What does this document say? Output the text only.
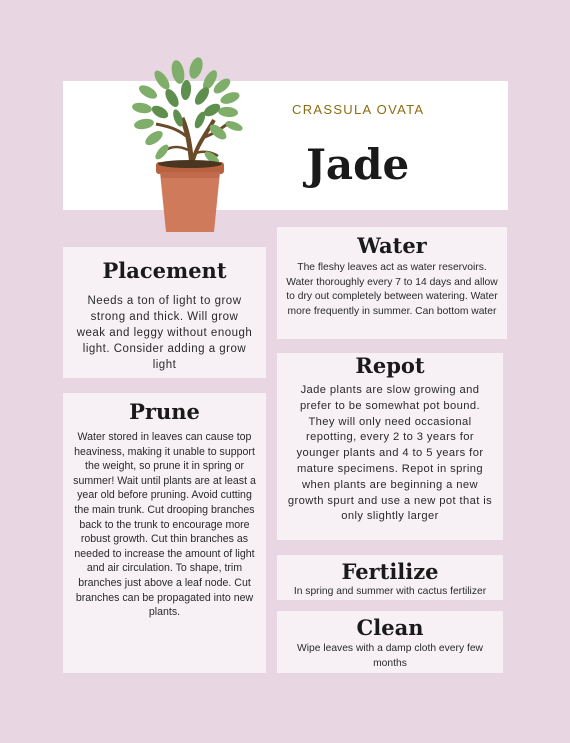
CRASSULA OVATA
Jade
Placement

Needs a ton of light to grow strong and thick. Will grow weak and leggy without enough light. Consider adding a grow light

Prune

Water stored in leaves can cause top heaviness, making it unable to support the weight, so prune it in spring or summer! Wait until plants are at least a year old before pruning. Avoid cutting the main trunk. Cut drooping branches back to the trunk to encourage more robust growth. Cut thin branches as needed to increase the amount of light and air circulation. To shape, trim branches just above a leaf node. Cut branches can be propagated into new plants.

Water

The fleshy leaves act as water reservoirs. Water thoroughly every 7 to 14 days and allow to dry out completely between watering. Water more frequently in summer. Can bottom water

Repot

Jade plants are slow growing and prefer to be somewhat pot bound. They will only need occasional repotting, every 2 to 3 years for younger plants and 4 to 5 years for mature specimens. Repot in spring when plants are beginning a new growth spurt and use a new pot that is only slightly larger

Fertilize

In spring and summer with cactus fertilizer

Clean

Wipe leaves with a damp cloth every few months
